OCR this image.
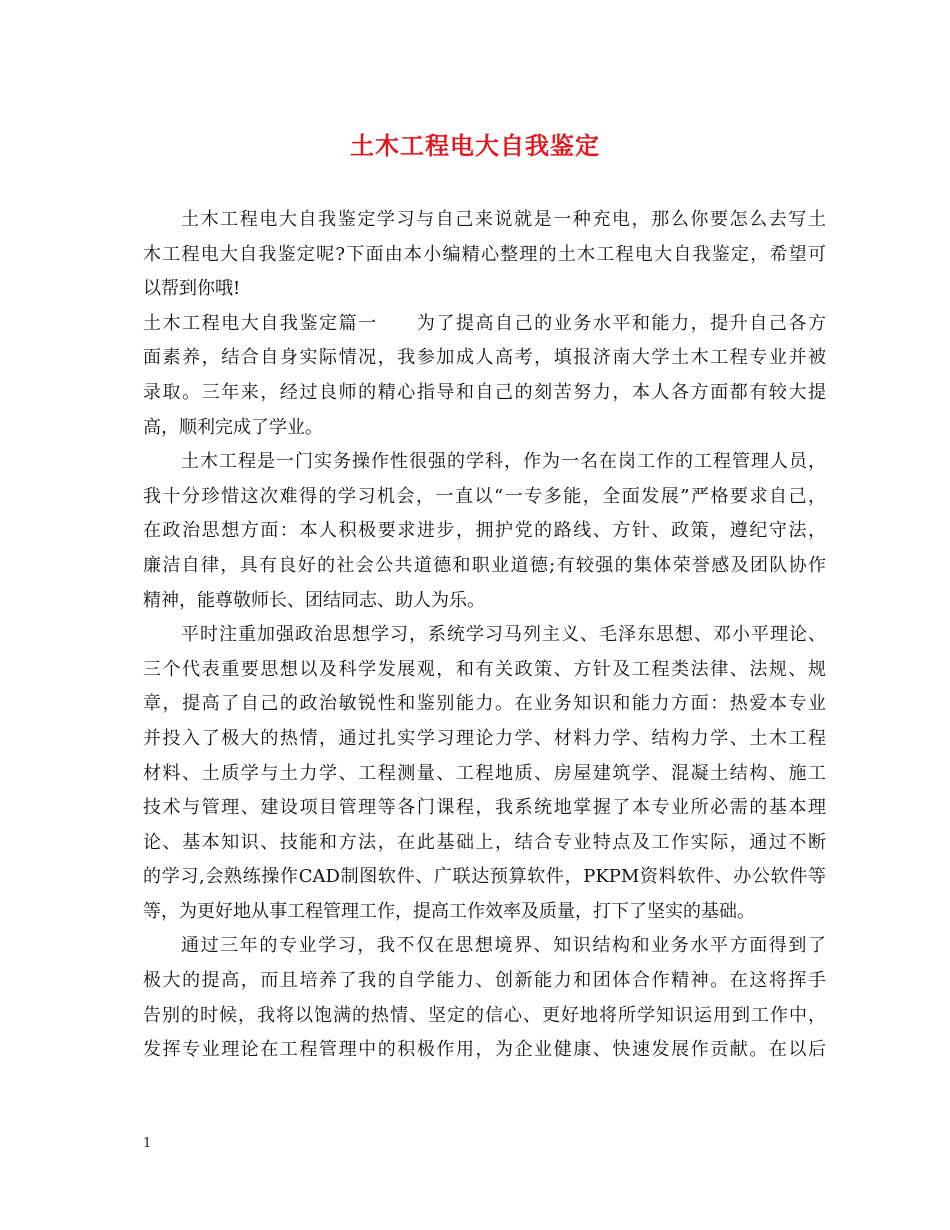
土木工程电大自我鉴定
土木工程电大自我鉴定学习与自己来说就是一种充电，那么你要怎么去写土
木工程电大自我鉴定呢?下面由本小编精心整理的土木工程电大自我鉴定，希望可
以帮到你哦!
土木工程电大自我鉴定篇一　　为了提高自己的业务水平和能力，提升自己各方
面素养，结合自身实际情况，我参加成人高考，填报济南大学土木工程专业并被
录取。三年来，经过良师的精心指导和自己的刻苦努力，本人各方面都有较大提
高，顺利完成了学业。
土木工程是一门实务操作性很强的学科，作为一名在岗工作的工程管理人员，
我十分珍惜这次难得的学习机会，一直以“一专多能，全面发展”严格要求自己，
在政治思想方面：本人积极要求进步，拥护党的路线、方针、政策，遵纪守法，
廉洁自律，具有良好的社会公共道德和职业道德;有较强的集体荣誉感及团队协作
精神，能尊敬师长、团结同志、助人为乐。
平时注重加强政治思想学习，系统学习马列主义、毛泽东思想、邓小平理论、
三个代表重要思想以及科学发展观，和有关政策、方针及工程类法律、法规、规
章，提高了自己的政治敏锐性和鉴别能力。在业务知识和能力方面：热爱本专业
并投入了极大的热情，通过扎实学习理论力学、材料力学、结构力学、土木工程
材料、土质学与土力学、工程测量、工程地质、房屋建筑学、混凝土结构、施工
技术与管理、建设项目管理等各门课程，我系统地掌握了本专业所必需的基本理
论、基本知识、技能和方法，在此基础上，结合专业特点及工作实际，通过不断
的学习,会熟练操作CAD制图软件、广联达预算软件，PKPM资料软件、办公软件等
等，为更好地从事工程管理工作，提高工作效率及质量，打下了坚实的基础。
通过三年的专业学习，我不仅在思想境界、知识结构和业务水平方面得到了
极大的提高，而且培养了我的自学能力、创新能力和团体合作精神。在这将挥手
告别的时候，我将以饱满的热情、坚定的信心、更好地将所学知识运用到工作中，
发挥专业理论在工程管理中的积极作用，为企业健康、快速发展作贡献。在以后
1
